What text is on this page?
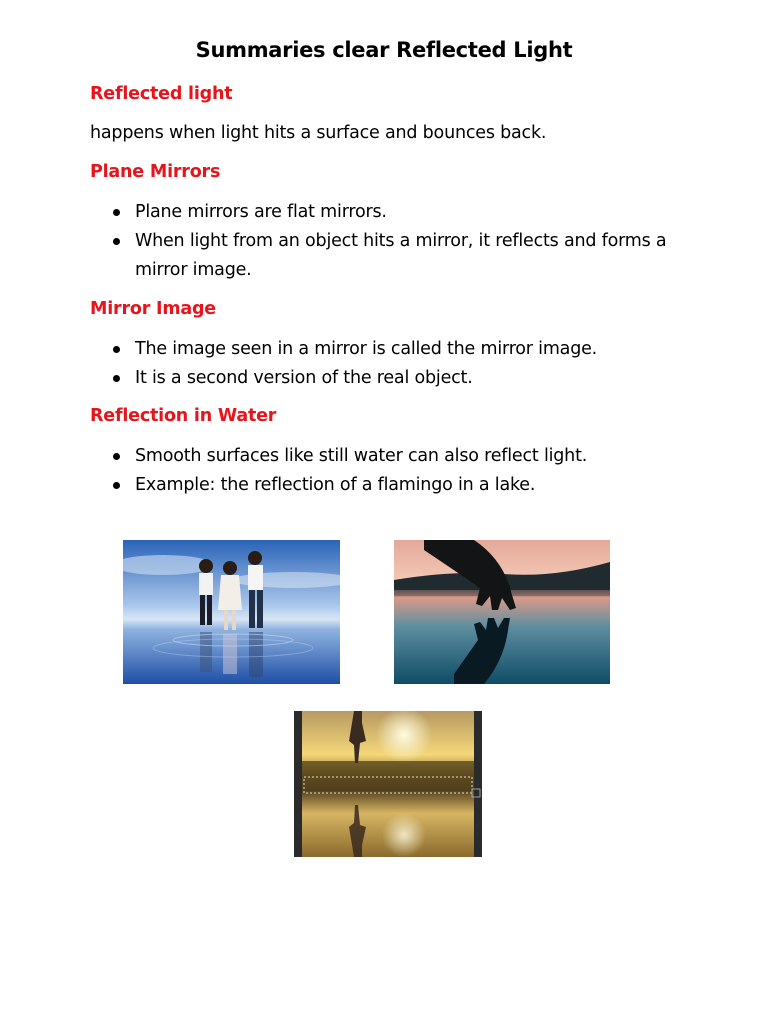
Summaries clear Reflected Light
Reflected light
happens when light hits a surface and bounces back.
Plane Mirrors
Plane mirrors are flat mirrors.
When light from an object hits a mirror, it reflects and forms a mirror image.
Mirror Image
The image seen in a mirror is called the mirror image.
It is a second version of the real object.
Reflection in Water
Smooth surfaces like still water can also reflect light.
Example: the reflection of a flamingo in a lake.
